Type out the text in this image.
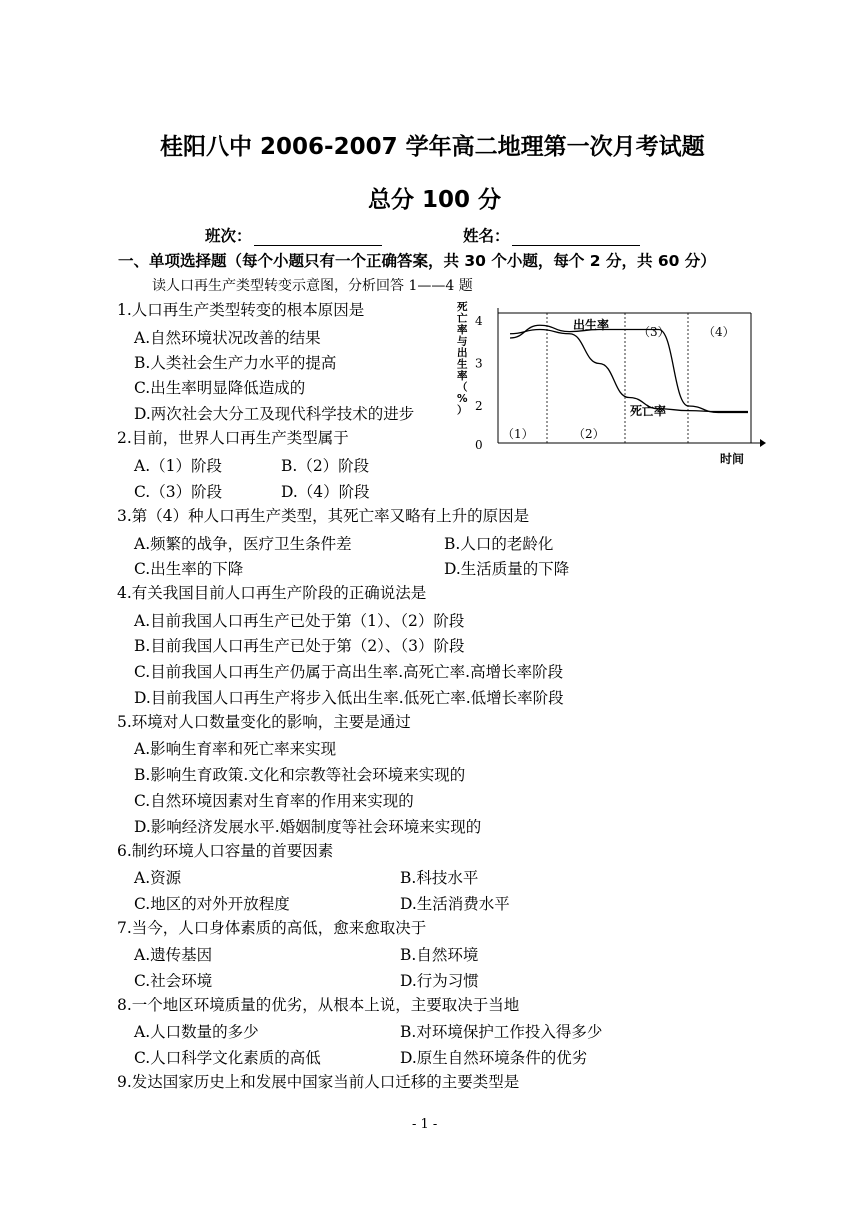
桂阳八中 2006-2007 学年高二地理第一次月考试题
总分 100 分
班次：	姓名：
一、单项选择题（每个小题只有一个正确答案，共 30 个小题，每个 2 分，共 60 分）
读人口再生产类型转变示意图，分析回答 1——4 题
1.人口再生产类型转变的根本原因是
A.自然环境状况改善的结果
B.人类社会生产力水平的提高
C.出生率明显降低造成的
D.两次社会大分工及现代科学技术的进步
2.目前，世界人口再生产类型属于
A.（1）阶段	B.（2）阶段
C.（3）阶段	D.（4）阶段
3.第（4）种人口再生产类型，其死亡率又略有上升的原因是
A.频繁的战争，医疗卫生条件差	B.人口的老龄化
C.出生率的下降	D.生活质量的下降
4.有关我国目前人口再生产阶段的正确说法是
A.目前我国人口再生产已处于第（1）、（2）阶段
B.目前我国人口再生产已处于第（2）、（3）阶段
C.目前我国人口再生产仍属于高出生率.高死亡率.高增长率阶段
D.目前我国人口再生产将步入低出生率.低死亡率.低增长率阶段
5.环境对人口数量变化的影响，主要是通过
A.影响生育率和死亡率来实现
B.影响生育政策.文化和宗教等社会环境来实现的
C.自然环境因素对生育率的作用来实现的
D.影响经济发展水平.婚姻制度等社会环境来实现的
6.制约环境人口容量的首要因素
A.资源	B.科技水平
C.地区的对外开放程度	D.生活消费水平
7.当今，人口身体素质的高低，愈来愈取决于
A.遗传基因	B.自然环境
C.社会环境	D.行为习惯
8.一个地区环境质量的优劣，从根本上说，主要取决于当地
A.人口数量的多少	B.对环境保护工作投入得多少
C.人口科学文化素质的高低	D.原生自然环境条件的优劣
9.发达国家历史上和发展中国家当前人口迁移的主要类型是
- 1 -
死亡率与出生率（%）
0
2
3
4
（1）	（2）
（3）	（4）
出生率
死亡率
时间
